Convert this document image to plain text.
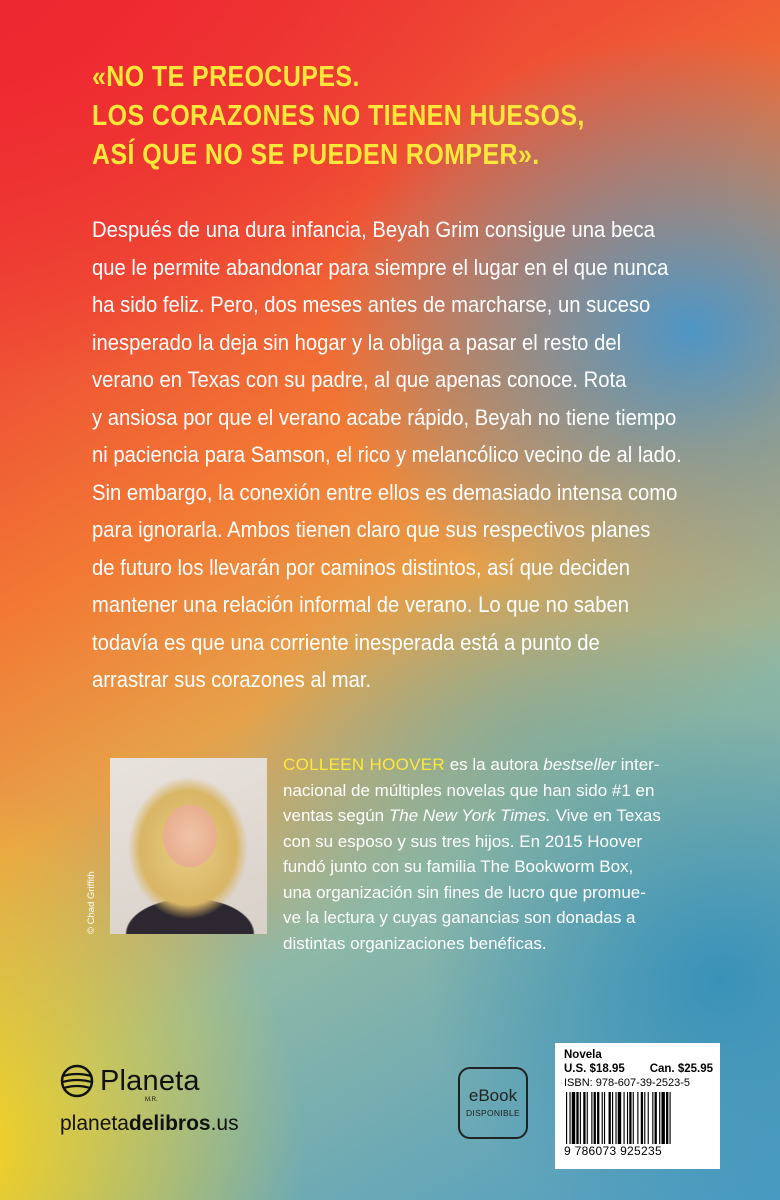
«NO TE PREOCUPES.
LOS CORAZONES NO TIENEN HUESOS,
ASÍ QUE NO SE PUEDEN ROMPER».
Después de una dura infancia, Beyah Grim consigue una beca
que le permite abandonar para siempre el lugar en el que nunca
ha sido feliz. Pero, dos meses antes de marcharse, un suceso
inesperado la deja sin hogar y la obliga a pasar el resto del
verano en Texas con su padre, al que apenas conoce. Rota
y ansiosa por que el verano acabe rápido, Beyah no tiene tiempo
ni paciencia para Samson, el rico y melancólico vecino de al lado.
Sin embargo, la conexión entre ellos es demasiado intensa como
para ignorarla. Ambos tienen claro que sus respectivos planes
de futuro los llevarán por caminos distintos, así que deciden
mantener una relación informal de verano. Lo que no saben
todavía es que una corriente inesperada está a punto de
arrastrar sus corazones al mar.
© Chad Griffith
COLLEEN HOOVER es la autora bestseller inter-
nacional de múltiples novelas que han sido #1 en
ventas según The New York Times. Vive en Texas
con su esposo y sus tres hijos. En 2015 Hoover
fundó junto con su familia The Bookworm Box,
una organización sin fines de lucro que promue-
ve la lectura y cuyas ganancias son donadas a
distintas organizaciones benéficas.
Planeta
M.R.
planetadelibros.us
eBook
DISPONIBLE
Novela
U.S. $18.95 Can. $25.95
ISBN: 978-607-39-2523-5
9 786073 925235
